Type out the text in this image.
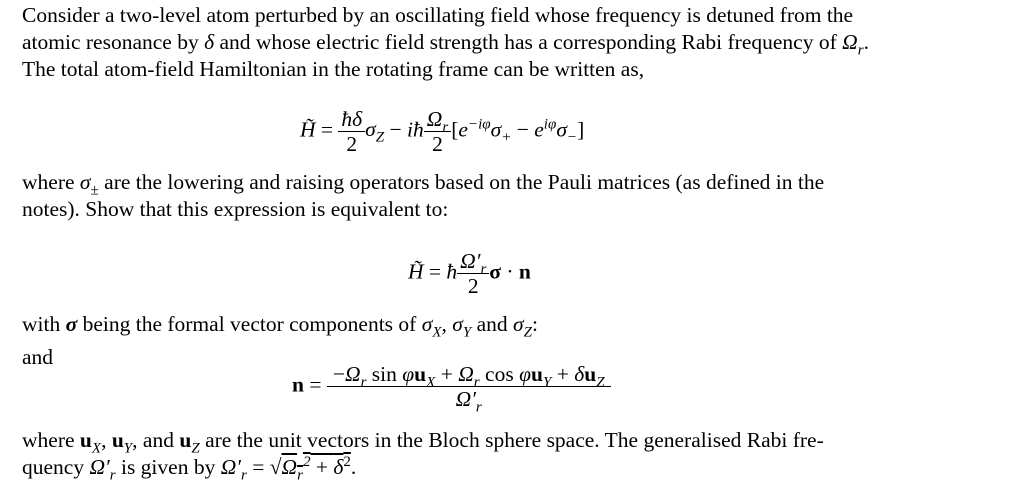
Consider a two-level atom perturbed by an oscillating field whose frequency is detuned from the
atomic resonance by δ and whose electric field strength has a corresponding Rabi frequency of $\Omega_r$.
The total atom-field Hamiltonian in the rotating frame can be written as,
H̃ = $\frac{ħ\delta}{2} \sigma_Z$ − iħ $\frac{\Omega_r}{2} [e^{-i\varphi}\sigma_+ - e^{i\varphi}\sigma_-]$
where $\sigma_\pm$ are the lowering and raising operators based on the Pauli matrices (as defined in the
notes). Show that this expression is equivalent to:
H̃ = ħ $\frac{\Omega'_r}{2}$ σ · n
with σ being the formal vector components of $\sigma_X$, $\sigma_Y$ and $\sigma_Z$:
and
$n = \frac{-\Omega_r \sin \varphi u_X + \Omega_r \cos \varphi u_Y + \delta u_Z}{\Omega'_r}$
where $u_X$, $u_Y$, and $u_Z$ are the unit vectors in the Bloch sphere space. The generalised Rabi fre-
quency $\Omega'_r$ is given by $\Omega'_r = √\Omega_r^2 + \delta^2$.
